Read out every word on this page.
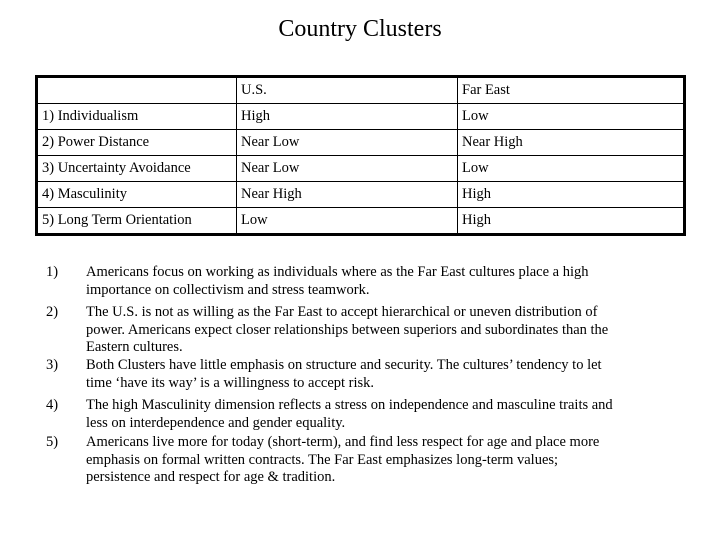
Country Clusters
	U.S.	Far East
1) Individualism	High	Low
2) Power Distance	Near Low	Near High
3) Uncertainty Avoidance	Near Low	Low
4) Masculinity	Near High	High
5) Long Term Orientation	Low	High
1) Americans focus on working as individuals where as the Far East cultures place a high
importance on collectivism and stress teamwork.
2) The U.S. is not as willing as the Far East to accept hierarchical or uneven distribution of
power. Americans expect closer relationships between superiors and subordinates than the
Eastern cultures.
3) Both Clusters have little emphasis on structure and security. The cultures’ tendency to let
time ‘have its way’ is a willingness to accept risk.
4) The high Masculinity dimension reflects a stress on independence and masculine traits and
less on interdependence and gender equality.
5) Americans live more for today (short-term), and find less respect for age and place more
emphasis on formal written contracts. The Far East emphasizes long-term values;
persistence and respect for age & tradition.
